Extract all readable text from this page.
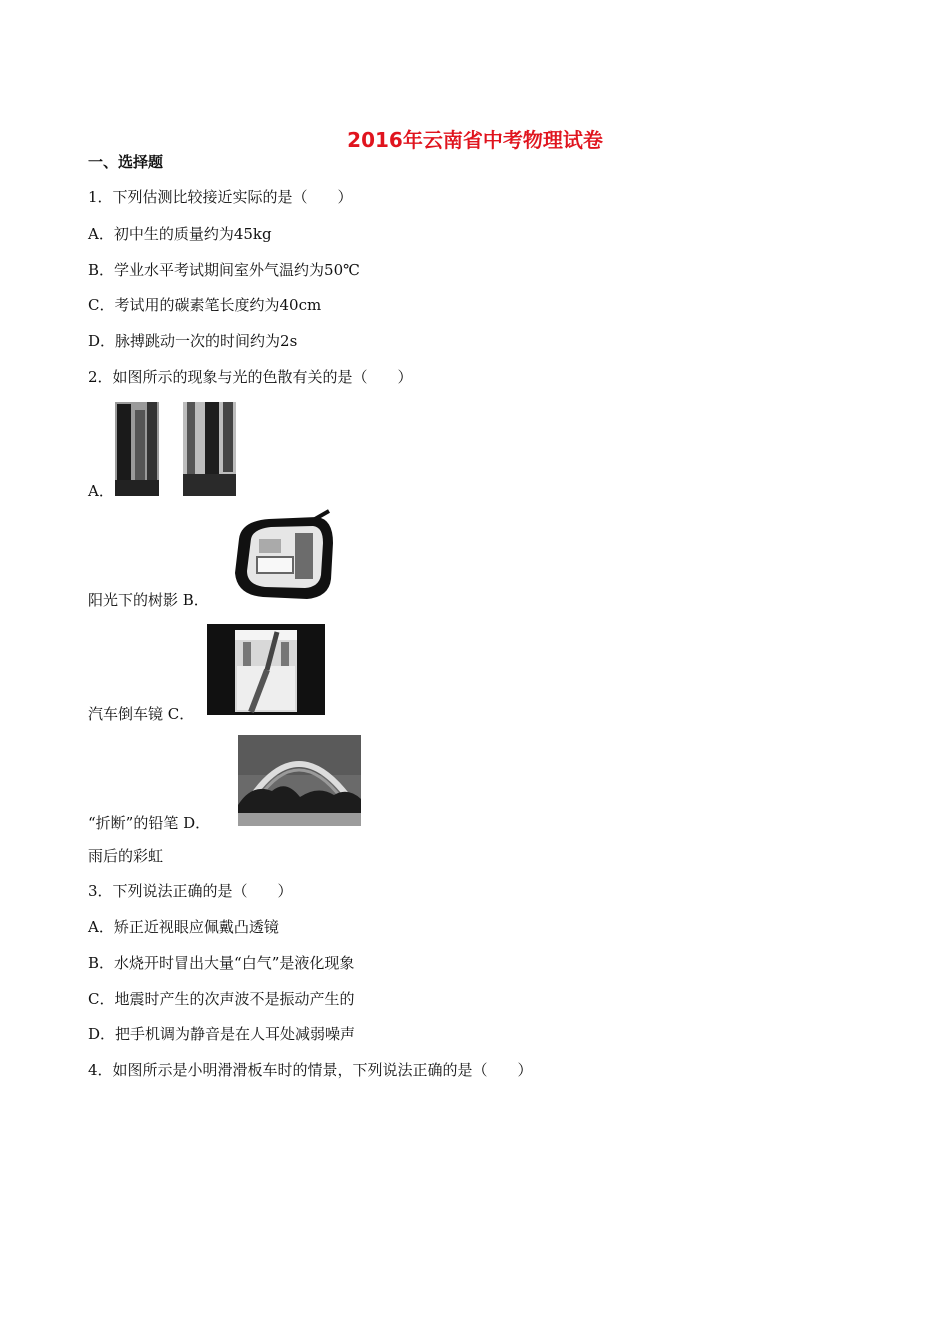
2016年云南省中考物理试卷
一、选择题
1．下列估测比较接近实际的是（　　）
A．初中生的质量约为45kg
B．学业水平考试期间室外气温约为50℃
C．考试用的碳素笔长度约为40cm
D．脉搏跳动一次的时间约为2s
2．如图所示的现象与光的色散有关的是（　　）
A．
阳光下的树影 B．
汽车倒车镜 C．
“折断”的铅笔 D．
雨后的彩虹
3．下列说法正确的是（　　）
A．矫正近视眼应佩戴凸透镜
B．水烧开时冒出大量“白气”是液化现象
C．地震时产生的次声波不是振动产生的
D．把手机调为静音是在人耳处减弱噪声
4．如图所示是小明滑滑板车时的情景，下列说法正确的是（　　）
